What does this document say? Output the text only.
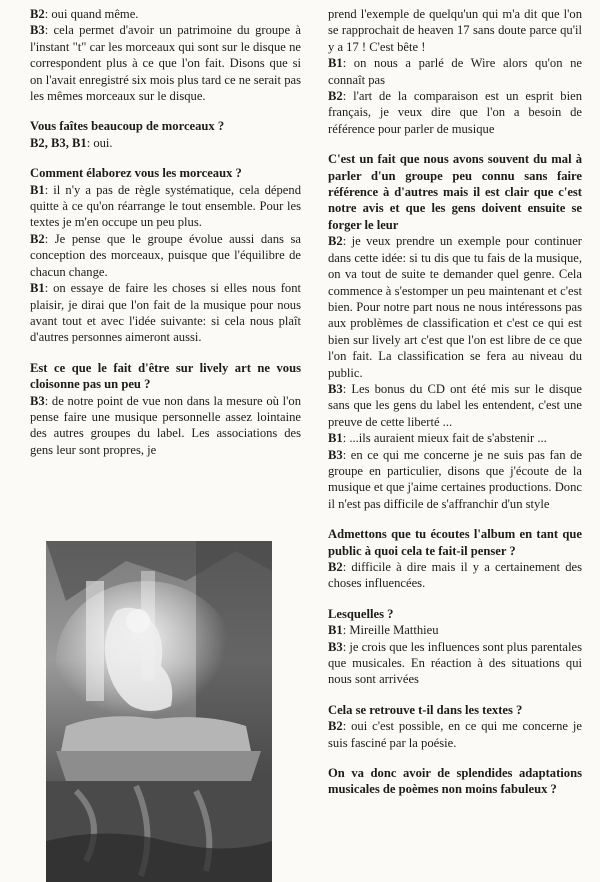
B2: oui quand même.
B3: cela permet d'avoir un patrimoine du groupe à l'instant "t" car les morceaux qui sont sur le disque ne correspondent plus à ce que l'on fait. Disons que si on l'avait enregistré six mois plus tard ce ne serait pas les mêmes morceaux sur le disque.
Vous faîtes beaucoup de morceaux ?
B2, B3, B1: oui.
Comment élaborez vous les morceaux ?
B1: il n'y a pas de règle systématique, cela dépend quitte à ce qu'on réarrange le tout ensemble. Pour les textes je m'en occupe un peu plus.
B2: Je pense que le groupe évolue aussi dans sa conception des morceaux, puisque que l'équilibre de chacun change.
B1: on essaye de faire les choses si elles nous font plaisir, je dirai que l'on fait de la musique pour nous avant tout et avec l'idée suivante: si cela nous plaît d'autres personnes aimeront aussi.
Est ce que le fait d'être sur lively art ne vous cloisonne pas un peu ?
B3: de notre point de vue non dans la mesure où l'on pense faire une musique personnelle assez lointaine des autres groupes du label. Les associations des gens leur sont propres, je
prend l'exemple de quelqu'un qui m'a dit que l'on se rapprochait de heaven 17 sans doute parce qu'il y a 17 ! C'est bête !
B1: on nous a parlé de Wire alors qu'on ne connaît pas
B2: l'art de la comparaison est un esprit bien français, je veux dire que l'on a besoin de référence pour parler de musique
C'est un fait que nous avons souvent du mal à parler d'un groupe peu connu sans faire référence à d'autres mais il est clair que c'est notre avis et que les gens doivent ensuite se forger le leur
B2: je veux prendre un exemple pour continuer dans cette idée: si tu dis que tu fais de la musique, on va tout de suite te demander quel genre. Cela commence à s'estomper un peu maintenant et c'est bien. Pour notre part nous ne nous intéressons pas aux problèmes de classification et c'est ce qui est bien sur lively art c'est que l'on est libre de ce que l'on fait. La classification se fera au niveau du public.
B3: Les bonus du CD ont été mis sur le disque sans que les gens du label les entendent, c'est une preuve de cette liberté ...
B1: ...ils auraient mieux fait de s'abstenir ...
B3: en ce qui me concerne je ne suis pas fan de groupe en particulier, disons que j'écoute de la musique et que j'aime certaines productions. Donc il n'est pas difficile de s'affranchir d'un style
Admettons que tu écoutes l'album en tant que public à quoi cela te fait-il penser ?
B2: difficile à dire mais il y a certainement des choses influencées.
Lesquelles ?
B1: Mireille Matthieu
B3: je crois que les influences sont plus parentales que musicales. En réaction à des situations qui nous sont arrivées
Cela se retrouve t-il dans les textes ?
B2: oui c'est possible, en ce qui me concerne je suis fasciné par la poésie.
On va donc avoir de splendides adaptations musicales de poèmes non moins fabuleux ?
